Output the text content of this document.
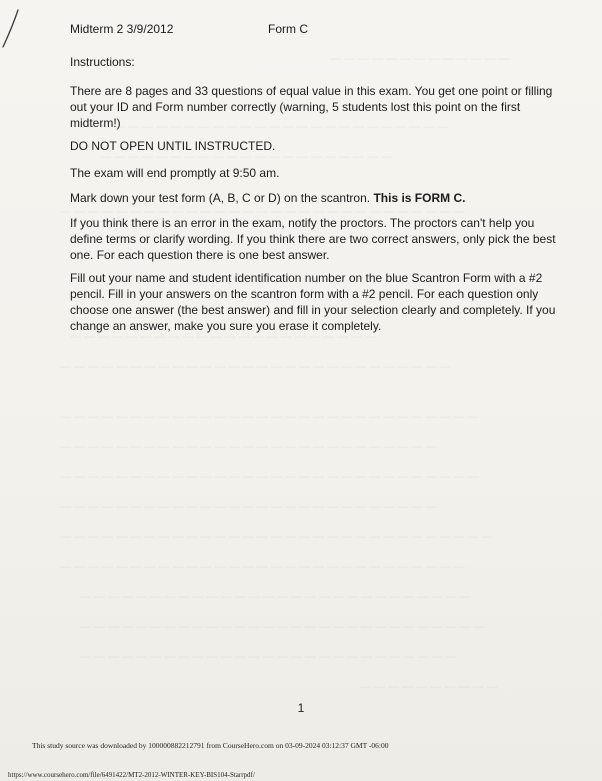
— — — — — — — — — — — — —
— — — — — — — — — — — — — — — — — — — — — — — — —
— — — — — — — — — — — — — — — — — — — — —
— — — — — — — — — — — — — — — — — — — — — — — — — — — — —
— — — — — — — — — — — — — — — — — — — — — —
— — — — — — — — — — — — — — — — — — — — — — — — — — — —
— — — — — — — — — — — — — — — — — — — — — — — — — — — — — —
— — — — — — — — — — — — — — — — — — — — — — — — — — —
— — — — — — — — — — — — — — — — — — — — — — — — — — — — — —
— — — — — — — — — — — — — — — — — — — — — — — — — — —
— — — — — — — — — — — — — — — — — — — — — — — — — — — — — — —
— — — — — — — — — — — — — — — — — — — — — — — — — — — — —
— — — — — — — — — — — — — — — — — — — — — — — — — — — —
— — — — — — — — — — — — — — — — — — — — — — — — — — — — —
— — — — — — — — — — — — — — — — — — — — — — — — — — —
— — — — — — — — — —
Midterm 2 3/9/2012	Form C
Instructions:
There are 8 pages and 33 questions of equal value in this exam. You get one point or filling out your ID and Form number correctly (warning, 5 students lost this point on the first midterm!)
DO NOT OPEN UNTIL INSTRUCTED.
The exam will end promptly at 9:50 am.
Mark down your test form (A, B, C or D) on the scantron. This is FORM C.
If you think there is an error in the exam, notify the proctors. The proctors can't help you define terms or clarify wording. If you think there are two correct answers, only pick the best one. For each question there is one best answer.
Fill out your name and student identification number on the blue Scantron Form with a #2 pencil. Fill in your answers on the scantron form with a #2 pencil. For each question only choose one answer (the best answer) and fill in your selection clearly and completely. If you change an answer, make you sure you erase it completely.
1
This study source was downloaded by 100000882212791 from CourseHero.com on 03-09-2024 03:12:37 GMT -06:00
https://www.coursehero.com/file/6491422/MT2-2012-WINTER-KEY-BIS104-Starrpdf/
